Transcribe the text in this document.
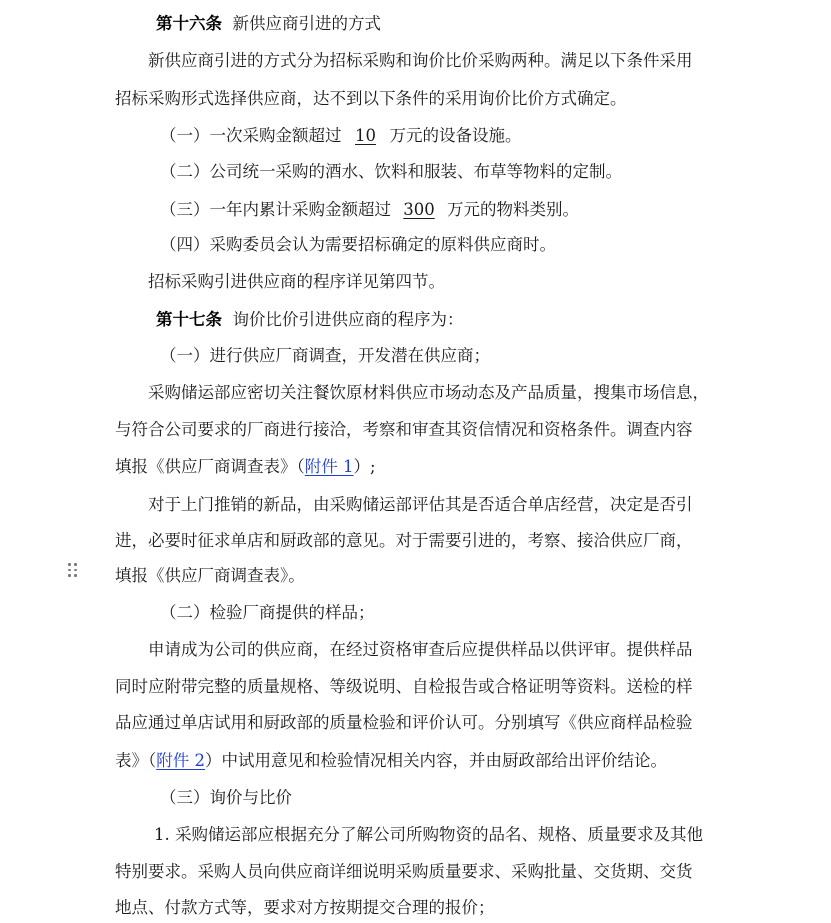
第十六条 新供应商引进的方式
新供应商引进的方式分为招标采购和询价比价采购两种。满足以下条件采用
招标采购形式选择供应商，达不到以下条件的采用询价比价方式确定。
（一）一次采购金额超过 10 万元的设备设施。
（二）公司统一采购的酒水、饮料和服装、布草等物料的定制。
（三）一年内累计采购金额超过 300 万元的物料类别。
（四）采购委员会认为需要招标确定的原料供应商时。
招标采购引进供应商的程序详见第四节。
第十七条 询价比价引进供应商的程序为：
（一）进行供应厂商调查，开发潜在供应商；
采购储运部应密切关注餐饮原材料供应市场动态及产品质量，搜集市场信息，
与符合公司要求的厂商进行接洽，考察和审查其资信情况和资格条件。调查内容
填报《供应厂商调查表》（附件 1）;
对于上门推销的新品，由采购储运部评估其是否适合单店经营，决定是否引
进，必要时征求单店和厨政部的意见。对于需要引进的，考察、接洽供应厂商，
填报《供应厂商调查表》。
（二）检验厂商提供的样品；
申请成为公司的供应商，在经过资格审查后应提供样品以供评审。提供样品
同时应附带完整的质量规格、等级说明、自检报告或合格证明等资料。送检的样
品应通过单店试用和厨政部的质量检验和评价认可。分别填写《供应商样品检验
表》（附件 2）中试用意见和检验情况相关内容，并由厨政部给出评价结论。
（三）询价与比价
1. 采购储运部应根据充分了解公司所购物资的品名、规格、质量要求及其他
特别要求。采购人员向供应商详细说明采购质量要求、采购批量、交货期、交货
地点、付款方式等，要求对方按期提交合理的报价；
